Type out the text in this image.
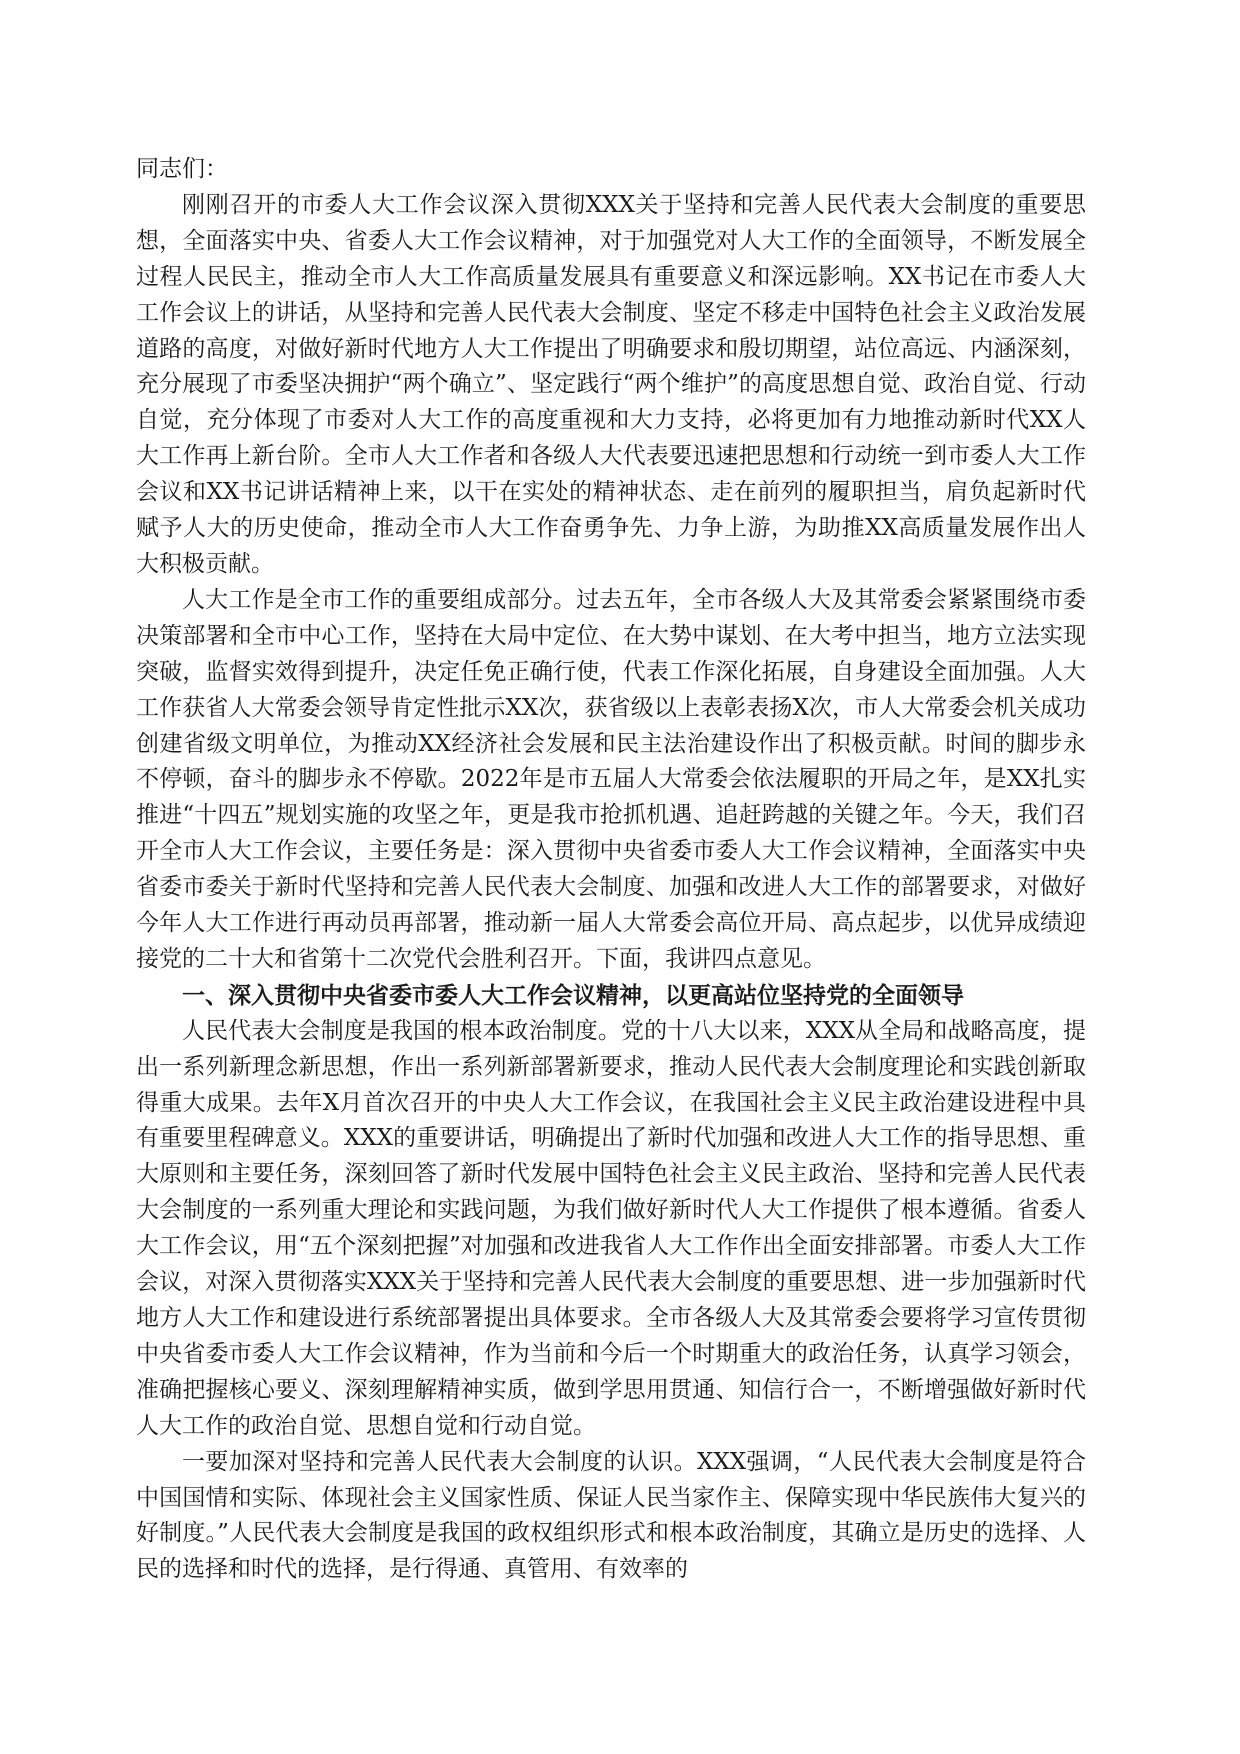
同志们：

刚刚召开的市委人大工作会议深入贯彻XXX关于坚持和完善人民代表大会制度的重要思想，全面落实中央、省委人大工作会议精神，对于加强党对人大工作的全面领导，不断发展全过程人民民主，推动全市人大工作高质量发展具有重要意义和深远影响。XX书记在市委人大工作会议上的讲话，从坚持和完善人民代表大会制度、坚定不移走中国特色社会主义政治发展道路的高度，对做好新时代地方人大工作提出了明确要求和殷切期望，站位高远、内涵深刻，充分展现了市委坚决拥护“两个确立”、坚定践行“两个维护”的高度思想自觉、政治自觉、行动自觉，充分体现了市委对人大工作的高度重视和大力支持，必将更加有力地推动新时代XX人大工作再上新台阶。全市人大工作者和各级人大代表要迅速把思想和行动统一到市委人大工作会议和XX书记讲话精神上来，以干在实处的精神状态、走在前列的履职担当，肩负起新时代赋予人大的历史使命，推动全市人大工作奋勇争先、力争上游，为助推XX高质量发展作出人大积极贡献。

人大工作是全市工作的重要组成部分。过去五年，全市各级人大及其常委会紧紧围绕市委决策部署和全市中心工作，坚持在大局中定位、在大势中谋划、在大考中担当，地方立法实现突破，监督实效得到提升，决定任免正确行使，代表工作深化拓展，自身建设全面加强。人大工作获省人大常委会领导肯定性批示XX次，获省级以上表彰表扬X次，市人大常委会机关成功创建省级文明单位，为推动XX经济社会发展和民主法治建设作出了积极贡献。时间的脚步永不停顿，奋斗的脚步永不停歇。2022年是市五届人大常委会依法履职的开局之年，是XX扎实推进“十四五”规划实施的攻坚之年，更是我市抢抓机遇、追赶跨越的关键之年。今天，我们召开全市人大工作会议，主要任务是：深入贯彻中央省委市委人大工作会议精神，全面落实中央省委市委关于新时代坚持和完善人民代表大会制度、加强和改进人大工作的部署要求，对做好今年人大工作进行再动员再部署，推动新一届人大常委会高位开局、高点起步，以优异成绩迎接党的二十大和省第十二次党代会胜利召开。下面，我讲四点意见。

一、深入贯彻中央省委市委人大工作会议精神，以更高站位坚持党的全面领导

人民代表大会制度是我国的根本政治制度。党的十八大以来，XXX从全局和战略高度，提出一系列新理念新思想，作出一系列新部署新要求，推动人民代表大会制度理论和实践创新取得重大成果。去年X月首次召开的中央人大工作会议，在我国社会主义民主政治建设进程中具有重要里程碑意义。XXX的重要讲话，明确提出了新时代加强和改进人大工作的指导思想、重大原则和主要任务，深刻回答了新时代发展中国特色社会主义民主政治、坚持和完善人民代表大会制度的一系列重大理论和实践问题，为我们做好新时代人大工作提供了根本遵循。省委人大工作会议，用“五个深刻把握”对加强和改进我省人大工作作出全面安排部署。市委人大工作会议，对深入贯彻落实XXX关于坚持和完善人民代表大会制度的重要思想、进一步加强新时代地方人大工作和建设进行系统部署提出具体要求。全市各级人大及其常委会要将学习宣传贯彻中央省委市委人大工作会议精神，作为当前和今后一个时期重大的政治任务，认真学习领会，准确把握核心要义、深刻理解精神实质，做到学思用贯通、知信行合一，不断增强做好新时代人大工作的政治自觉、思想自觉和行动自觉。

一要加深对坚持和完善人民代表大会制度的认识。XXX强调，“人民代表大会制度是符合中国国情和实际、体现社会主义国家性质、保证人民当家作主、保障实现中华民族伟大复兴的好制度。”人民代表大会制度是我国的政权组织形式和根本政治制度，其确立是历史的选择、人民的选择和时代的选择，是行得通、真管用、有效率的
